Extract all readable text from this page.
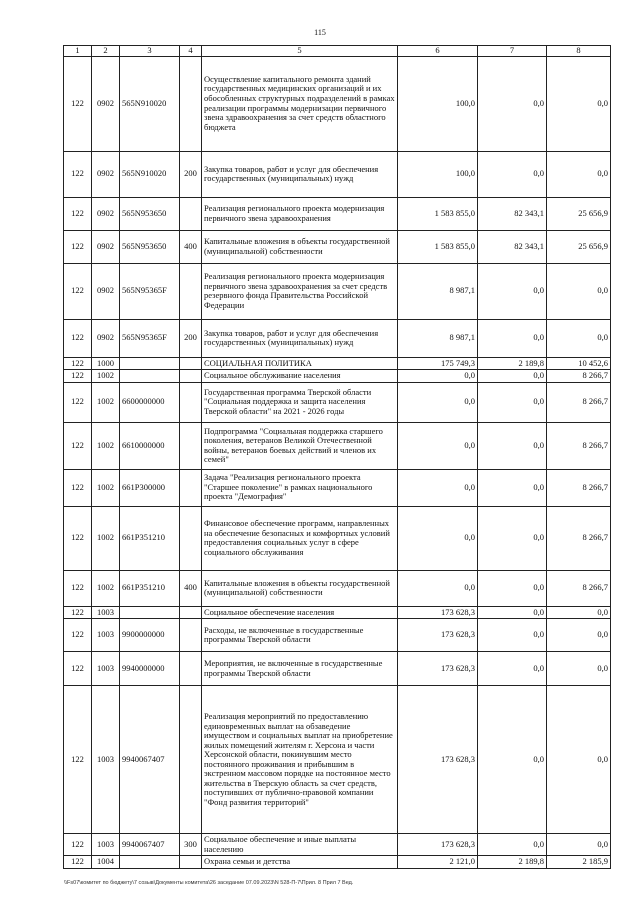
115
1	2	3	4	5	6	7	8
122	0902	565N910020		Осуществление капитального ремонта зданий государственных медицинских организаций и их обособленных структурных подразделений в рамках реализации программы модернизации первичного звена здравоохранения за счет средств областного бюджета	100,0	0,0	0,0
122	0902	565N910020	200	Закупка товаров, работ и услуг для обеспечения государственных (муниципальных) нужд	100,0	0,0	0,0
122	0902	565N953650		Реализация регионального проекта модернизация первичного звена здравоохранения	1 583 855,0	82 343,1	25 656,9
122	0902	565N953650	400	Капитальные вложения в объекты государственной (муниципальной) собственности	1 583 855,0	82 343,1	25 656,9
122	0902	565N95365F		Реализация регионального проекта модернизация первичного звена здравоохранения за счет средств резервного фонда Правительства Российской Федерации	8 987,1	0,0	0,0
122	0902	565N95365F	200	Закупка товаров, работ и услуг для обеспечения государственных (муниципальных) нужд	8 987,1	0,0	0,0
122	1000			СОЦИАЛЬНАЯ ПОЛИТИКА	175 749,3	2 189,8	10 452,6
122	1002			Социальное обслуживание населения	0,0	0,0	8 266,7
122	1002	6600000000		Государственная программа Тверской области "Социальная поддержка и защита населения Тверской области" на 2021 - 2026 годы	0,0	0,0	8 266,7
122	1002	6610000000		Подпрограмма "Социальная поддержка старшего поколения, ветеранов Великой Отечественной войны, ветеранов боевых действий и членов их семей"	0,0	0,0	8 266,7
122	1002	661P300000		Задача "Реализация регионального проекта "Старшее поколение" в рамках национального проекта "Демография"	0,0	0,0	8 266,7
122	1002	661P351210		Финансовое обеспечение программ, направленных на обеспечение безопасных и комфортных условий предоставления социальных услуг в сфере социального обслуживания	0,0	0,0	8 266,7
122	1002	661P351210	400	Капитальные вложения в объекты государственной (муниципальной) собственности	0,0	0,0	8 266,7
122	1003			Социальное обеспечение населения	173 628,3	0,0	0,0
122	1003	9900000000		Расходы, не включенные в государственные программы Тверской области	173 628,3	0,0	0,0
122	1003	9940000000		Мероприятия, не включенные в государственные программы Тверской области	173 628,3	0,0	0,0
122	1003	9940067407		Реализация мероприятий по предоставлению единовременных выплат на обзаведение имуществом и социальных выплат на приобретение жилых помещений жителям г. Херсона и части Херсонской области, покинувшим место постоянного проживания и прибывшим в экстренном массовом порядке на постоянное место жительства в Тверскую область за счет средств, поступивших от публично-правовой компании "Фонд развития территорий"	173 628,3	0,0	0,0
122	1003	9940067407	300	Социальное обеспечение и иные выплаты населению	173 628,3	0,0	0,0
122	1004			Охрана семьи и детства	2 121,0	2 189,8	2 185,9
\\Fs07\комитет по бюджету\7 созыв\Документы комитета\26 заседание 07.09.2023\N 528-П-7\Прил. 8 Прил 7 Вед.
